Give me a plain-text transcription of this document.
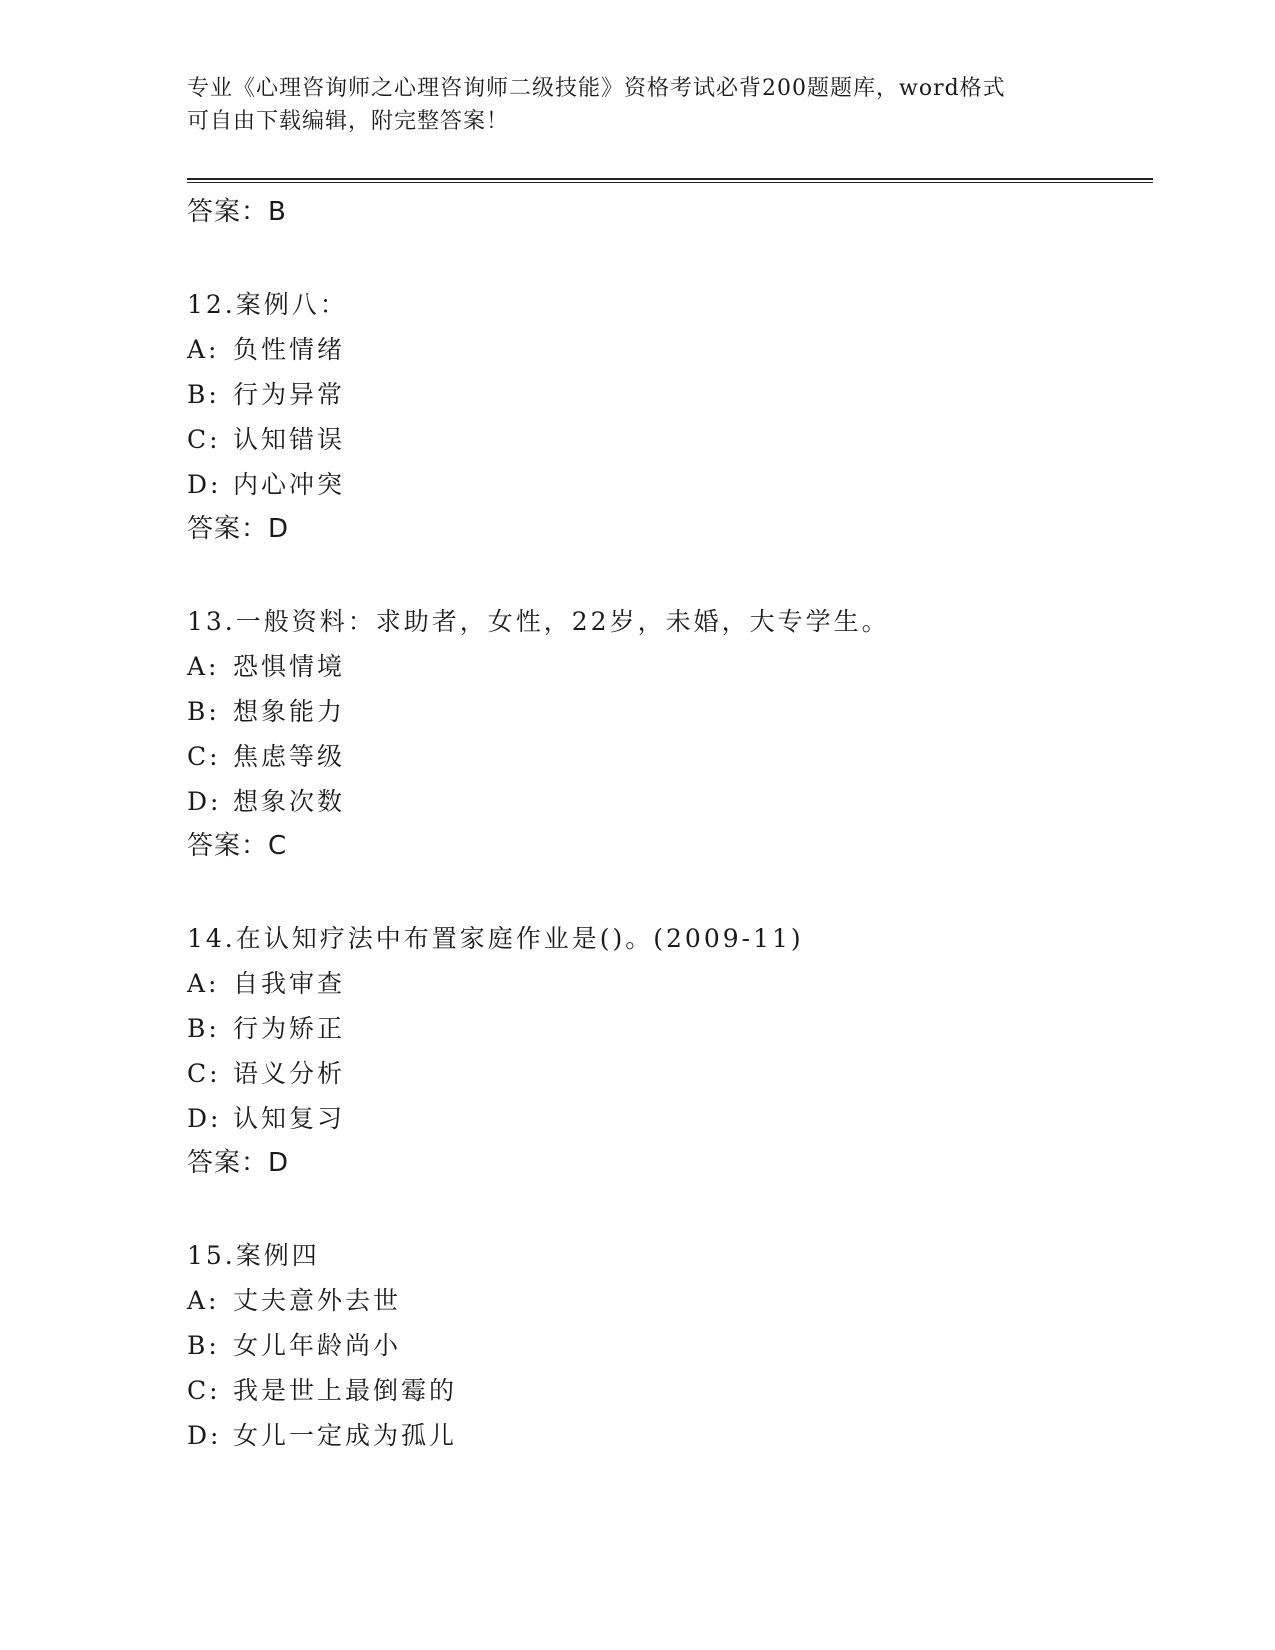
专业《心理咨询师之心理咨询师二级技能》资格考试必背200题题库，word格式
可自由下载编辑，附完整答案！
答案：B
12.案例八：
A: 负性情绪
B: 行为异常
C: 认知错误
D: 内心冲突
答案：D
13.一般资料：求助者，女性，22岁，未婚，大专学生。
A: 恐惧情境
B: 想象能力
C: 焦虑等级
D: 想象次数
答案：C
14.在认知疗法中布置家庭作业是()。(2009-11)
A: 自我审查
B: 行为矫正
C: 语义分析
D: 认知复习
答案：D
15.案例四
A: 丈夫意外去世
B: 女儿年龄尚小
C: 我是世上最倒霉的
D: 女儿一定成为孤儿
